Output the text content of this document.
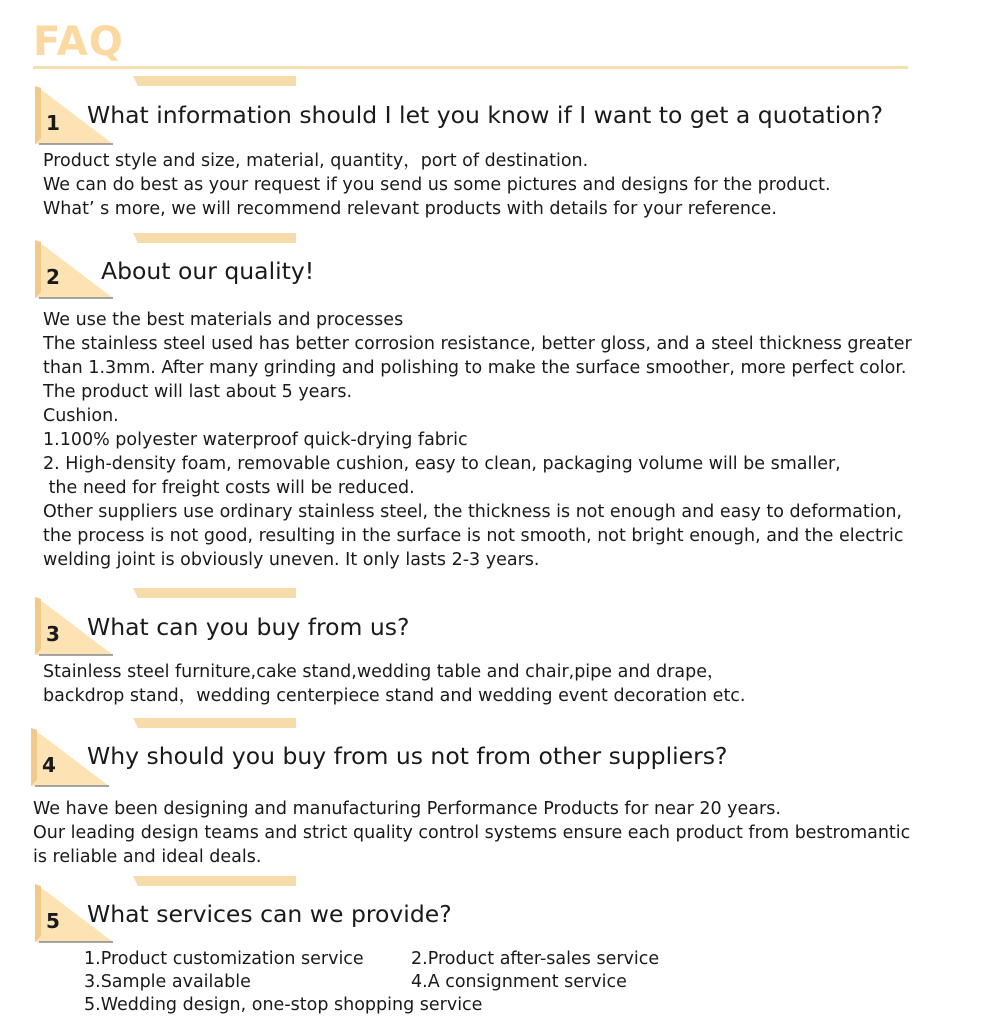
FAQ
1 What information should I let you know if I want to get a quotation?
Product style and size, material, quantity，port of destination.
We can do best as your request if you send us some pictures and designs for the product.
What’ s more, we will recommend relevant products with details for your reference.
2 About our quality!
We use the best materials and processes
The stainless steel used has better corrosion resistance, better gloss, and a steel thickness greater
than 1.3mm. After many grinding and polishing to make the surface smoother, more perfect color.
The product will last about 5 years.
Cushion.
1.100% polyester waterproof quick-drying fabric
2. High-density foam, removable cushion, easy to clean, packaging volume will be smaller,
the need for freight costs will be reduced.
Other suppliers use ordinary stainless steel, the thickness is not enough and easy to deformation,
the process is not good, resulting in the surface is not smooth, not bright enough, and the electric
welding joint is obviously uneven. It only lasts 2-3 years.
3 What can you buy from us?
Stainless steel furniture,cake stand,wedding table and chair,pipe and drape，
backdrop stand，wedding centerpiece stand and wedding event decoration etc.
4 Why should you buy from us not from other suppliers?
We have been designing and manufacturing Performance Products for near 20 years.
Our leading design teams and strict quality control systems ensure each product from bestromantic
is reliable and ideal deals.
5 What services can we provide?
1.Product customization service	2.Product after-sales service
3.Sample available	4.A consignment service
5.Wedding design, one-stop shopping service
